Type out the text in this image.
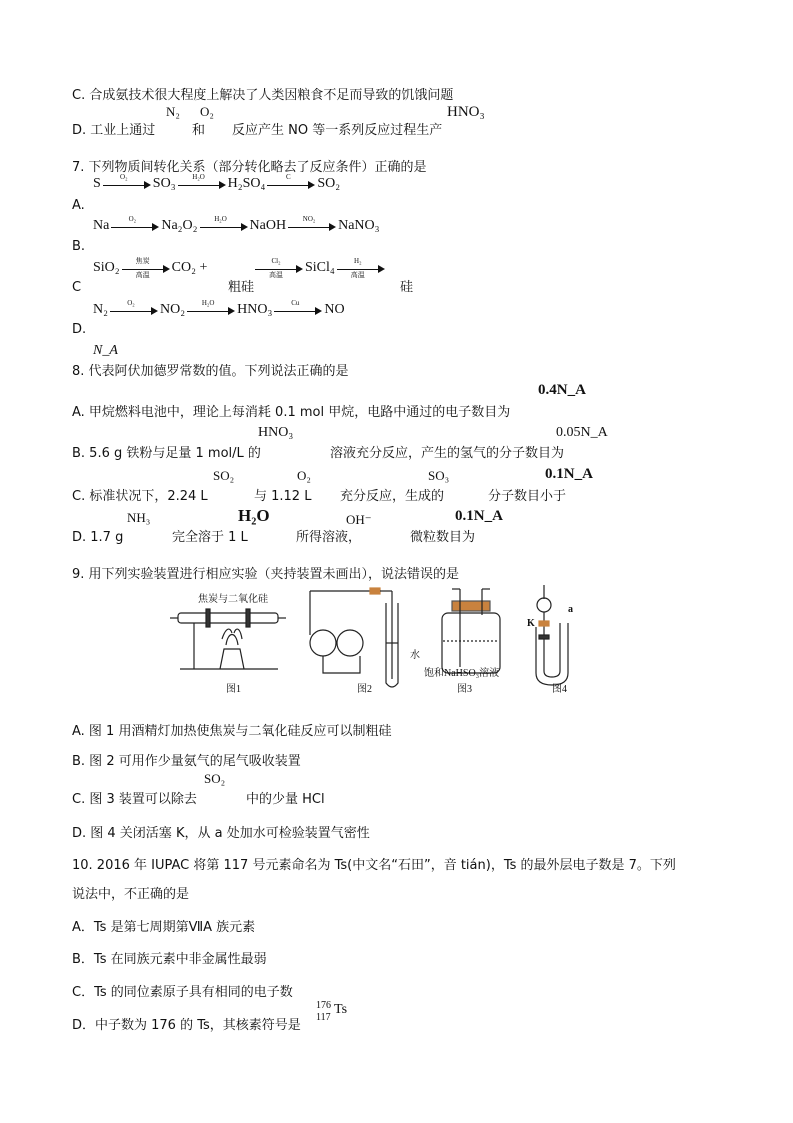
C. 合成氨技术很大程度上解决了人类因粮食不足而导致的饥饿问题
N₂ O₂	HNO₃
D. 工业上通过	和 反应产生 NO 等一系列反应过程生产
7. 下列物质间转化关系（部分转化略去了反应条件）正确的是
S	O₂	SO₃	H₂O	H₂SO₄	C	SO₂
A.
Na	O₂	Na₂O₂	H₂O	NaOH	NO₂	NaNO₃
B.
SiO₂	焦炭
高温	CO₂ +	Cl₂
高温	SiCl₄	H₂
高温
C	粗硅	硅
N₂	O₂	NO₂	H₂O	HNO₃	Cu	NO
D.
N_A
8. 代表阿伏加德罗常数的值。下列说法正确的是
0.4N_A
A. 甲烷燃料电池中，理论上每消耗 0.1 mol 甲烷，电路中通过的电子数目为
HNO₃	0.05N_A
B. 5.6 g 铁粉与足量 1 mol/L 的	溶液充分反应，产生的氢气的分子数目为
SO₂	O₂	SO₃	0.1N_A
C. 标准状况下，2.24 L	与 1.12 L 充分反应，生成的	分子数目小于
NH₃	H₂O	OH⁻	0.1N_A
D. 1.7 g	完全溶于 1 L	所得溶液，	微粒数目为
9. 用下列实验装置进行相应实验（夹持装置未画出），说法错误的是
焦炭与二氧化硅
图1
水
图2
饱和NaHSO₃溶液
图3
K
a
图4
A. 图 1 用酒精灯加热使焦炭与二氧化硅反应可以制粗硅
B. 图 2 可用作少量氨气的尾气吸收装置
SO₂
C. 图 3 装置可以除去	中的少量 HCl
D. 图 4 关闭活塞 K，从 a 处加水可检验装置气密性
10. 2016 年 IUPAC 将第 117 号元素命名为 Ts(中文名“石田”，音 tián)，Ts 的最外层电子数是 7。下列
说法中，不正确的是
A．Ts 是第七周期第ⅦA 族元素
B．Ts 在同族元素中非金属性最弱
C．Ts 的同位素原子具有相同的电子数
D．中子数为 176 的 Ts，其核素符号是
176
117
Ts
